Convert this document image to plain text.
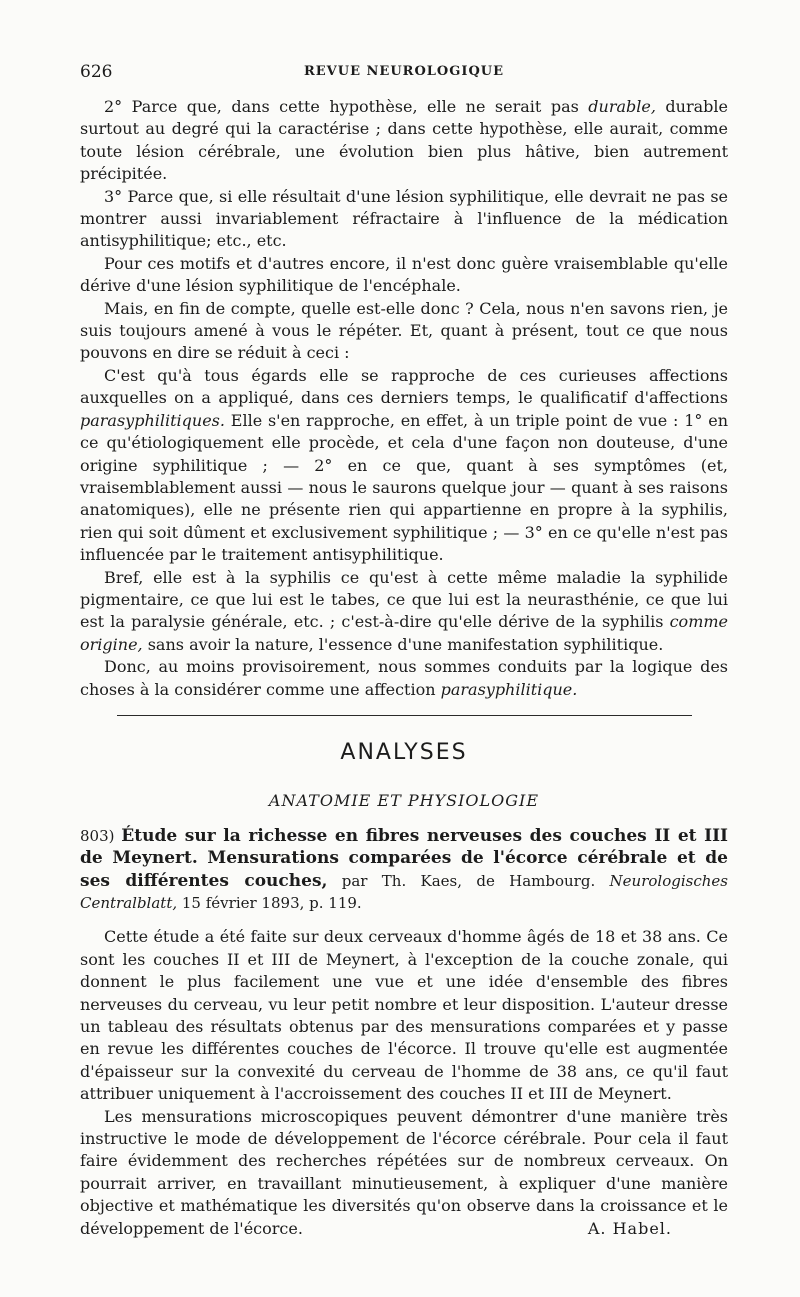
626	REVUE NEUROLOGIQUE

2° Parce que, dans cette hypothèse, elle ne serait pas durable, durable surtout au degré qui la caractérise ; dans cette hypothèse, elle aurait, comme toute lésion cérébrale, une évolution bien plus hâtive, bien autrement précipitée.

3° Parce que, si elle résultait d'une lésion syphilitique, elle devrait ne pas se montrer aussi invariablement réfractaire à l'influence de la médication antisyphilitique; etc., etc.

Pour ces motifs et d'autres encore, il n'est donc guère vraisemblable qu'elle dérive d'une lésion syphilitique de l'encéphale.

Mais, en fin de compte, quelle est-elle donc ? Cela, nous n'en savons rien, je suis toujours amené à vous le répéter. Et, quant à présent, tout ce que nous pouvons en dire se réduit à ceci :

C'est qu'à tous égards elle se rapproche de ces curieuses affections auxquelles on a appliqué, dans ces derniers temps, le qualificatif d'affections parasyphilitiques. Elle s'en rapproche, en effet, à un triple point de vue : 1° en ce qu'étiologiquement elle procède, et cela d'une façon non douteuse, d'une origine syphilitique ; — 2° en ce que, quant à ses symptômes (et, vraisemblablement aussi — nous le saurons quelque jour — quant à ses raisons anatomiques), elle ne présente rien qui appartienne en propre à la syphilis, rien qui soit dûment et exclusivement syphilitique ; — 3° en ce qu'elle n'est pas influencée par le traitement antisyphilitique.

Bref, elle est à la syphilis ce qu'est à cette même maladie la syphilide pigmentaire, ce que lui est le tabes, ce que lui est la neurasthénie, ce que lui est la paralysie générale, etc. ; c'est-à-dire qu'elle dérive de la syphilis comme origine, sans avoir la nature, l'essence d'une manifestation syphilitique.

Donc, au moins provisoirement, nous sommes conduits par la logique des choses à la considérer comme une affection parasyphilitique.

ANALYSES
ANATOMIE ET PHYSIOLOGIE

803) Étude sur la richesse en fibres nerveuses des couches II et III de Meynert. Mensurations comparées de l'écorce cérébrale et de ses différentes couches, par Th. Kaes, de Hambourg. Neurologisches Centralblatt, 15 février 1893, p. 119.

Cette étude a été faite sur deux cerveaux d'homme âgés de 18 et 38 ans. Ce sont les couches II et III de Meynert, à l'exception de la couche zonale, qui donnent le plus facilement une vue et une idée d'ensemble des fibres nerveuses du cerveau, vu leur petit nombre et leur disposition. L'auteur dresse un tableau des résultats obtenus par des mensurations comparées et y passe en revue les différentes couches de l'écorce. Il trouve qu'elle est augmentée d'épaisseur sur la convexité du cerveau de l'homme de 38 ans, ce qu'il faut attribuer uniquement à l'accroissement des couches II et III de Meynert.

Les mensurations microscopiques peuvent démontrer d'une manière très instructive le mode de développement de l'écorce cérébrale. Pour cela il faut faire évidemment des recherches répétées sur de nombreux cerveaux. On pourrait arriver, en travaillant minutieusement, à expliquer d'une manière objective et mathématique les diversités qu'on observe dans la croissance et le développement de l'écorce.	A. Habel.
